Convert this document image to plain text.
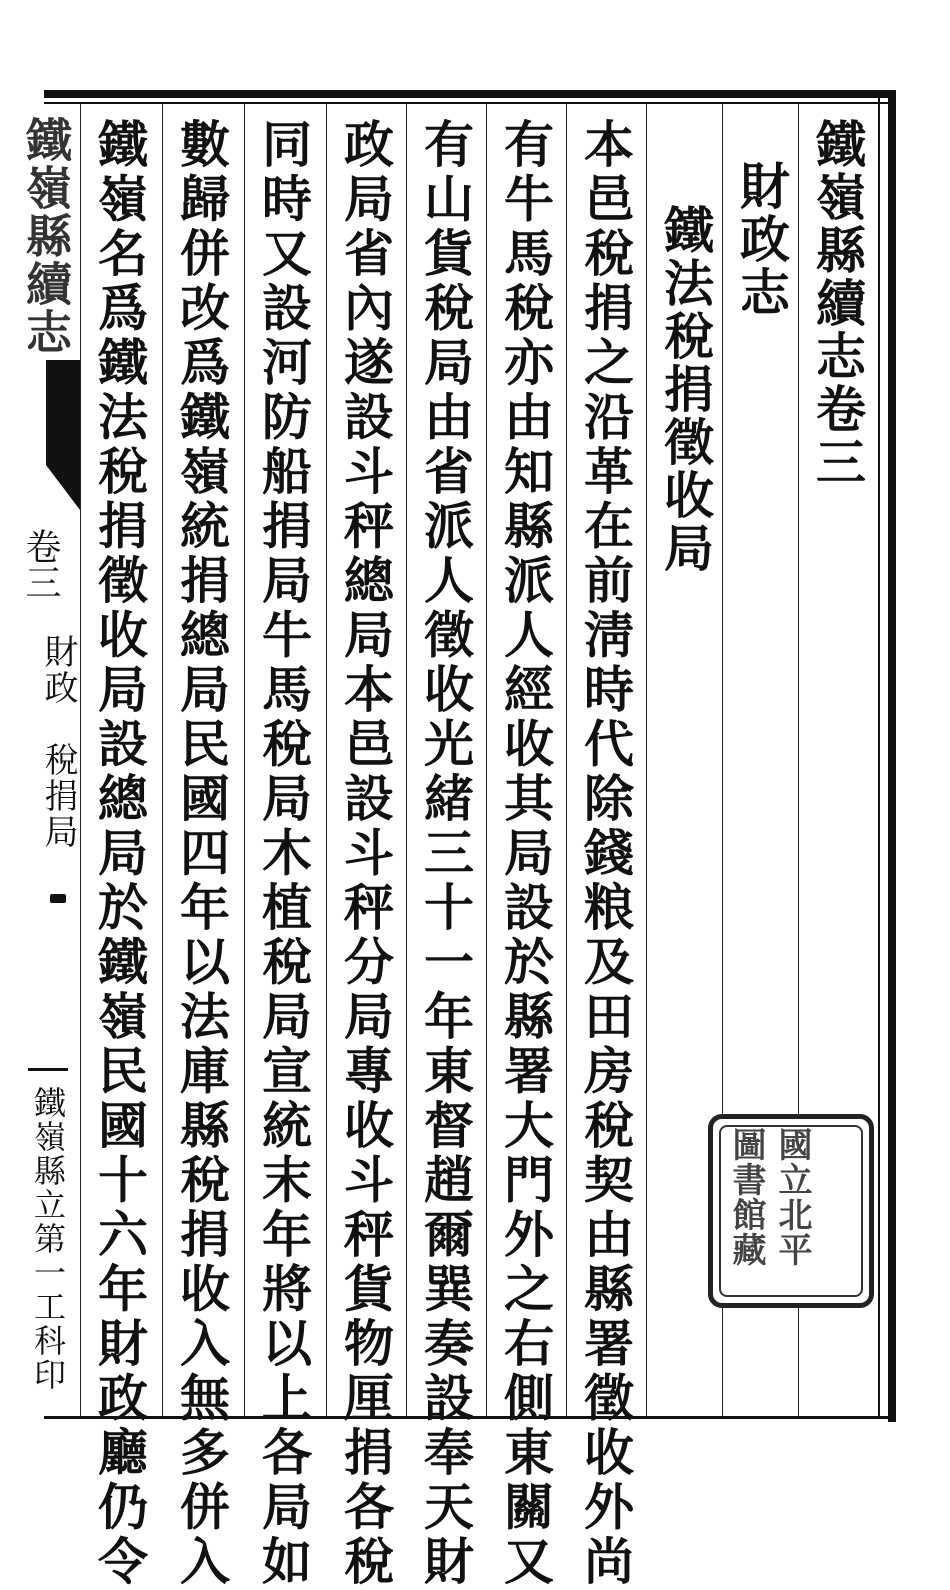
鐵嶺縣續志卷三
財政志
鐵法稅捐徵收局
本邑稅捐之沿革在前淸時代除錢粮及田房稅契由縣署徵收外尚
有牛馬稅亦由知縣派人經收其局設於縣署大門外之右側東關又
有山貨稅局由省派人徵收光緒三十一年東督趙爾巽奏設奉天財
政局省內遂設斗秤總局本邑設斗秤分局專收斗秤貨物厘捐各稅
同時又設河防船捐局牛馬稅局木植稅局宣統末年將以上各局如
數歸併改爲鐵嶺統捐總局民國四年以法庫縣稅捐收入無多併入
鐵嶺名爲鐵法稅捐徵收局設總局於鐵嶺民國十六年財政廳仍令
鐵嶺縣續志
卷三
財政　稅捐局
鐵嶺縣立第一工科印	國立北平圖書館藏
